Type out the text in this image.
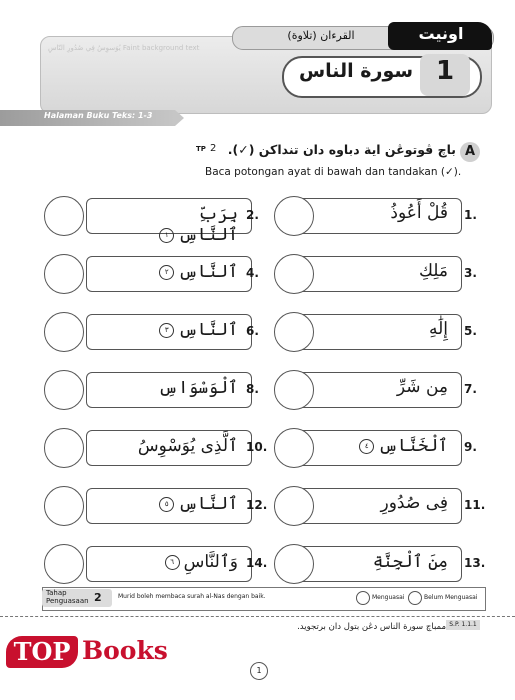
يُوَسوِسُ فِي صُدُورِ النّاسِ Faint background text
القرءان (تلاوة)	اونيت
سورة الناس 1
Halaman Buku Teks: 1-3
A
باچ ڤوتوڠن اية دباوه دان تنداكن (✓).
TP 2
Baca potongan ayat di bawah dan tandakan (✓).
قُلْ أَعُوذُ 1.
بِرَبِّ ٱلنَّاسِ١
2.
مَلِكِ 3.
ٱلنَّاسِ٢	4.
إِلَٰهِ 5.
ٱلنَّاسِ٣	6.
مِن شَرِّ 7.
ٱلْوَسْوَاسِ 8.
ٱلْخَنَّاسِ٤	9.
ٱلَّذِى يُوَسْوِسُ 10.
فِى صُدُورِ 11.
ٱلنَّاسِ٥	12.
مِنَ ٱلْجِنَّةِ 13.
وَٱلنَّاسِ٦	14.
Tahap Penguasaan 2	Murid boleh membaca surah al-Nas dengan baik.	Menguasai	Belum Menguasai
S.P. 1.1.1
ممباچ سورة الناس دڠن بتول دان برتجويد.
TOP Books
1
